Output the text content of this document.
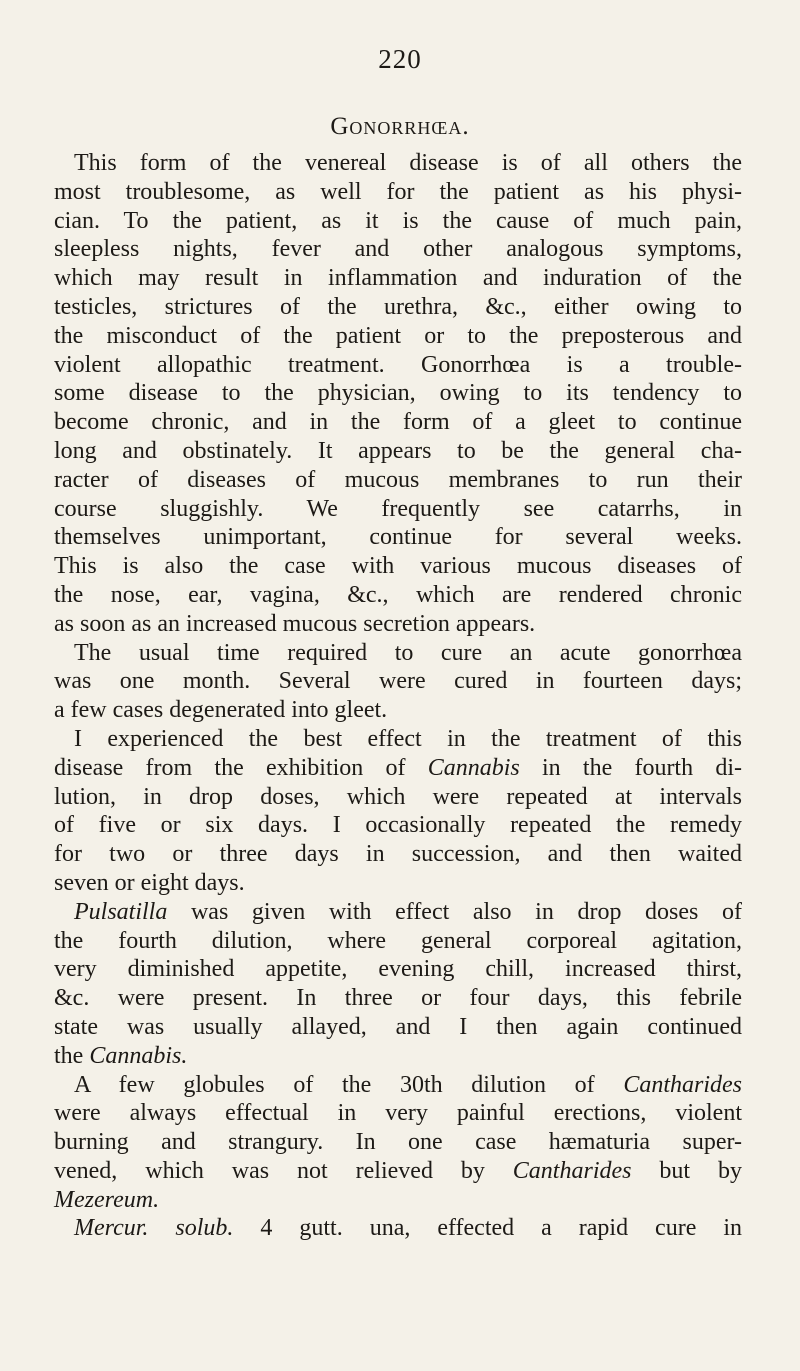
220
Gonorrhœa.
This form of the venereal disease is of all others the
most troublesome, as well for the patient as his physi-
cian. To the patient, as it is the cause of much pain,
sleepless nights, fever and other analogous symptoms,
which may result in inflammation and induration of the
testicles, strictures of the urethra, &c., either owing to
the misconduct of the patient or to the preposterous and
violent allopathic treatment. Gonorrhœa is a trouble-
some disease to the physician, owing to its tendency to
become chronic, and in the form of a gleet to continue
long and obstinately. It appears to be the general cha-
racter of diseases of mucous membranes to run their
course sluggishly. We frequently see catarrhs, in
themselves unimportant, continue for several weeks.
This is also the case with various mucous diseases of
the nose, ear, vagina, &c., which are rendered chronic
as soon as an increased mucous secretion appears.
The usual time required to cure an acute gonorrhœa
was one month. Several were cured in fourteen days;
a few cases degenerated into gleet.
I experienced the best effect in the treatment of this
disease from the exhibition of Cannabis in the fourth di-
lution, in drop doses, which were repeated at intervals
of five or six days. I occasionally repeated the remedy
for two or three days in succession, and then waited
seven or eight days.
Pulsatilla was given with effect also in drop doses of
the fourth dilution, where general corporeal agitation,
very diminished appetite, evening chill, increased thirst,
&c. were present. In three or four days, this febrile
state was usually allayed, and I then again continued
the Cannabis.
A few globules of the 30th dilution of Cantharides
were always effectual in very painful erections, violent
burning and strangury. In one case hæmaturia super-
vened, which was not relieved by Cantharides but by
Mezereum.
Mercur. solub. 4 gutt. una, effected a rapid cure in
